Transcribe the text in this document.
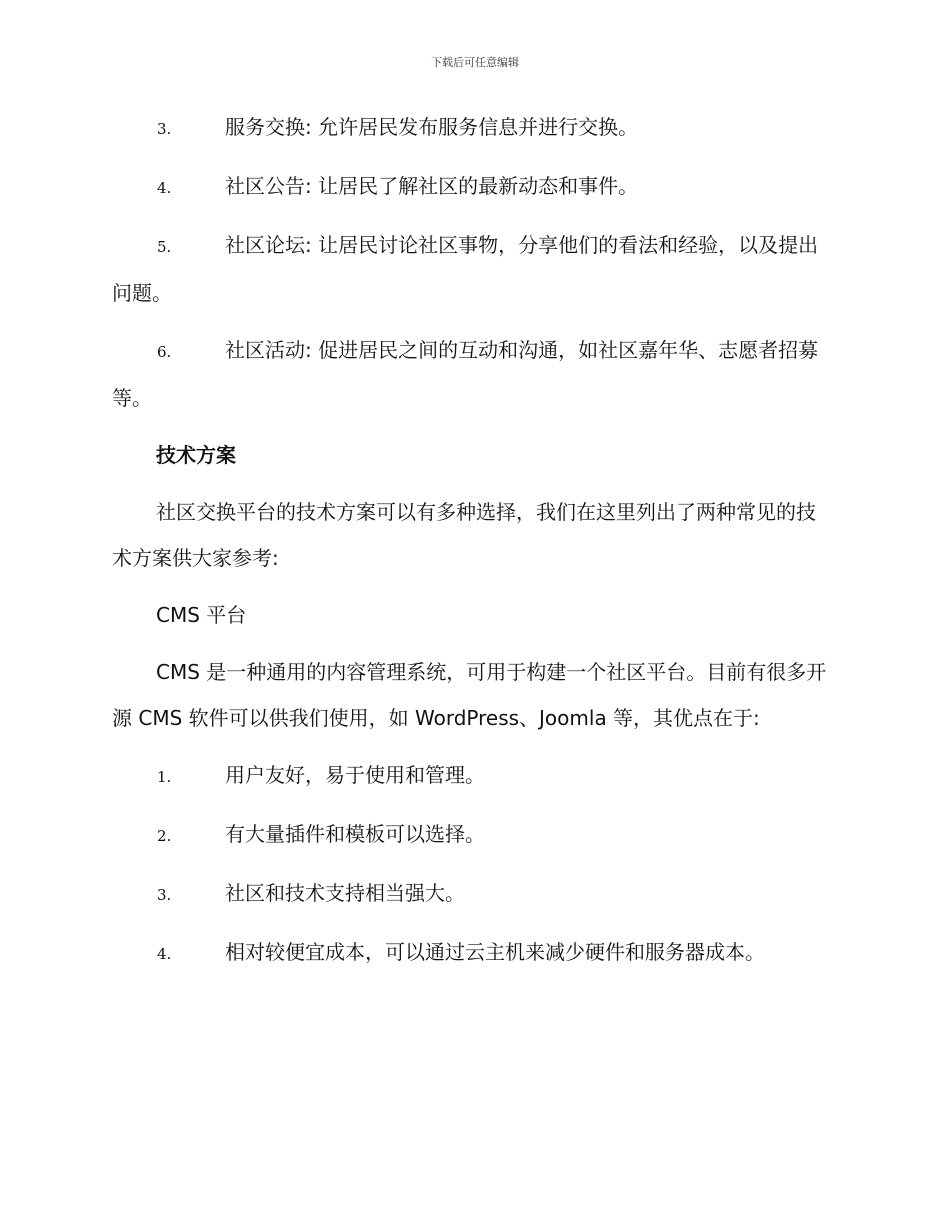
下载后可任意编辑

3.	服务交换: 允许居民发布服务信息并进行交换。

4.	社区公告: 让居民了解社区的最新动态和事件。

5.	社区论坛: 让居民讨论社区事物，分享他们的看法和经验，以及提出问题。

6.	社区活动: 促进居民之间的互动和沟通，如社区嘉年华、志愿者招募等。

技术方案

社区交换平台的技术方案可以有多种选择，我们在这里列出了两种常见的技术方案供大家参考:

CMS 平台

CMS 是一种通用的内容管理系统，可用于构建一个社区平台。目前有很多开源 CMS 软件可以供我们使用，如 WordPress、Joomla 等，其优点在于:

1.	用户友好，易于使用和管理。

2.	有大量插件和模板可以选择。

3.	社区和技术支持相当强大。

4.	相对较便宜成本，可以通过云主机来减少硬件和服务器成本。
